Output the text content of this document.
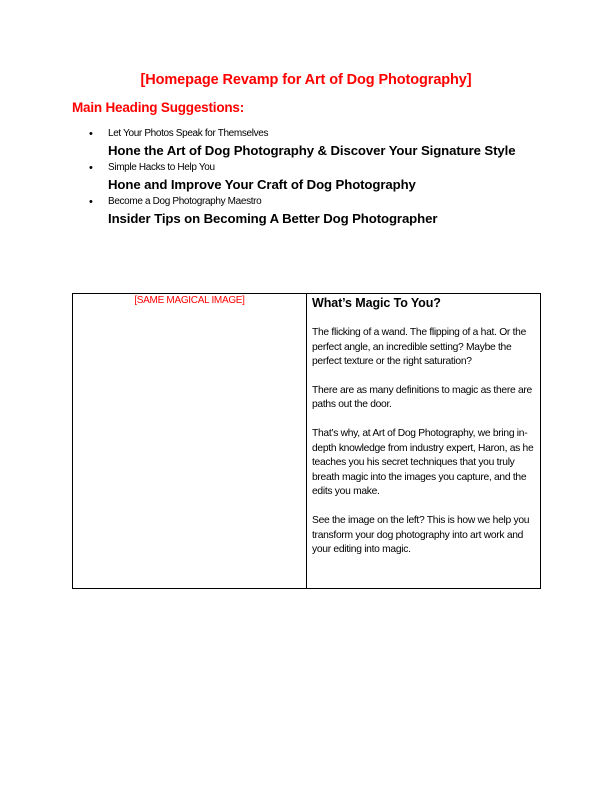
[Homepage Revamp for Art of Dog Photography]
Main Heading Suggestions:
• Let Your Photos Speak for Themselves
Hone the Art of Dog Photography & Discover Your Signature Style
• Simple Hacks to Help You
Hone and Improve Your Craft of Dog Photography
• Become a Dog Photography Maestro
Insider Tips on Becoming A Better Dog Photographer
[SAME MAGICAL IMAGE]	What’s Magic To You?

The flicking of a wand. The flipping of a hat. Or the perfect angle, an incredible setting? Maybe the perfect texture or the right saturation?

There are as many definitions to magic as there are paths out the door.

That’s why, at Art of Dog Photography, we bring in-depth knowledge from industry expert, Haron, as he teaches you his secret techniques that you truly breath magic into the images you capture, and the edits you make.

See the image on the left? This is how we help you transform your dog photography into art work and your editing into magic.
